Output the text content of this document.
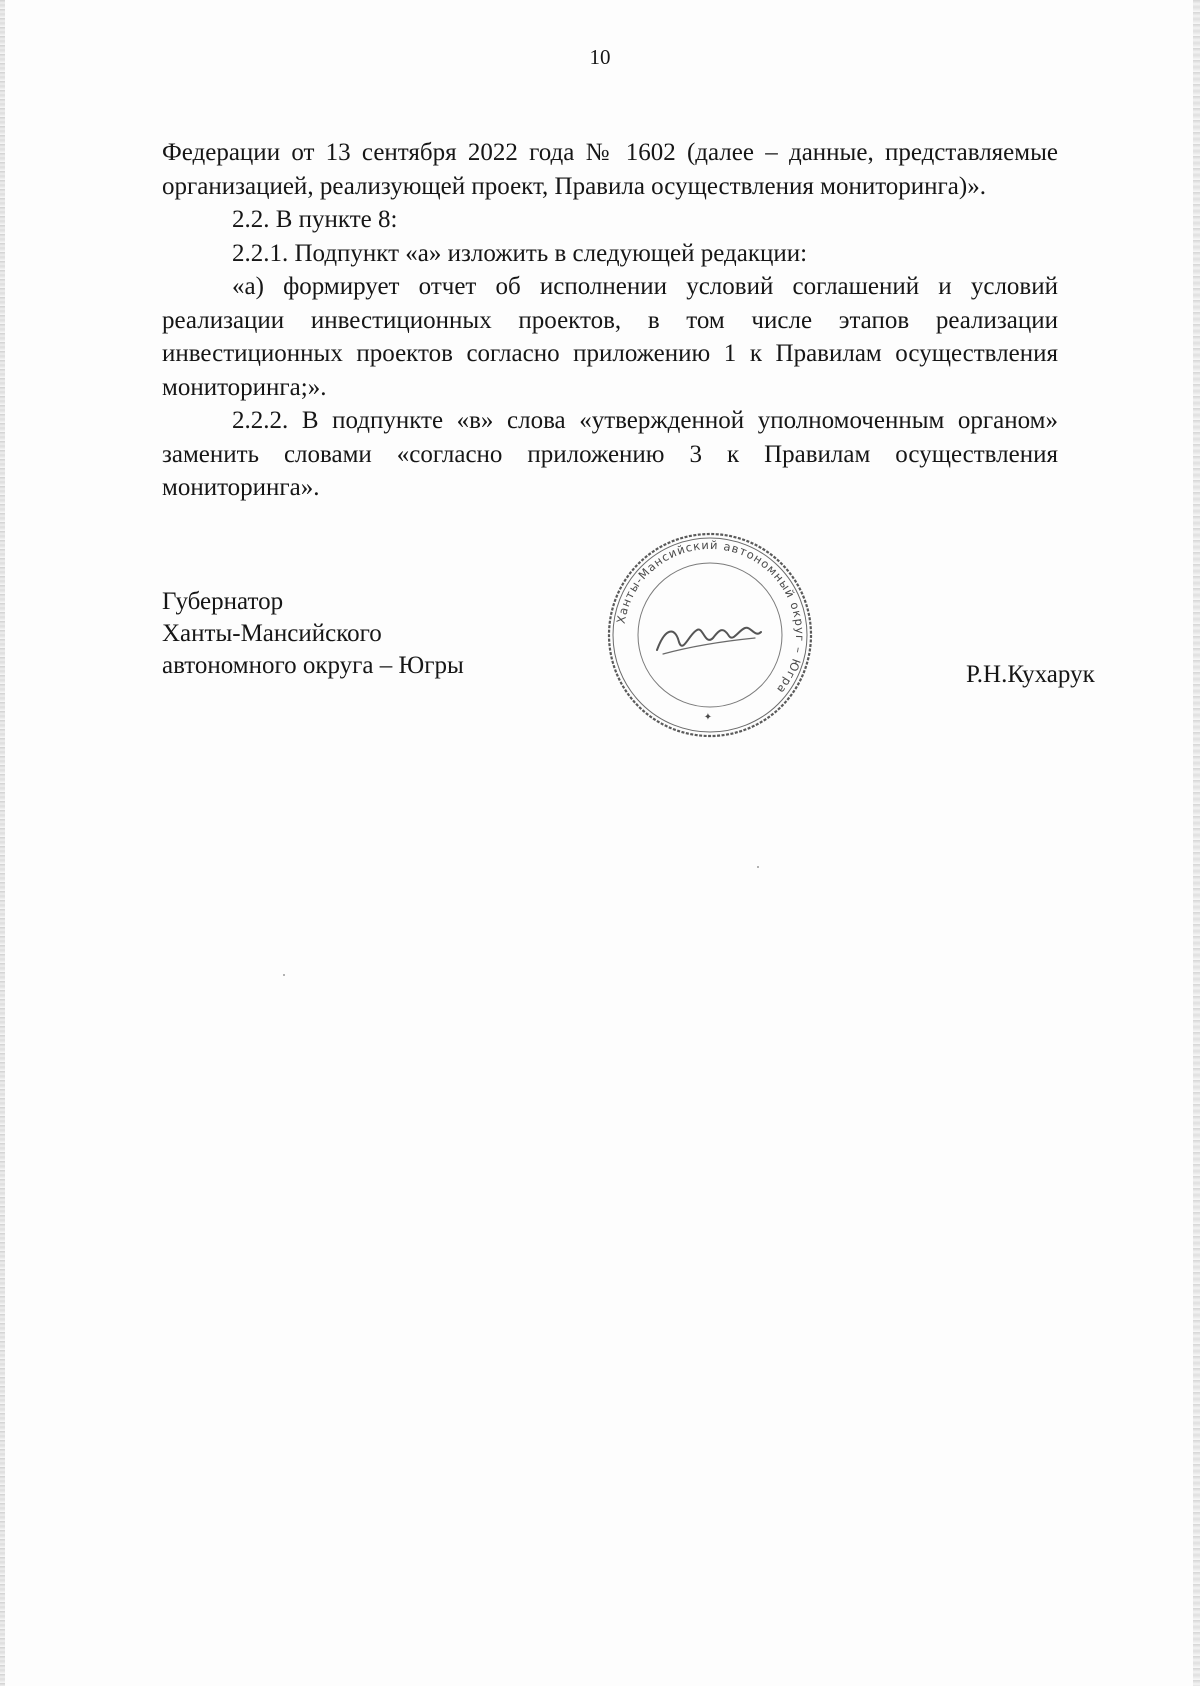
10

Федерации от 13 сентября 2022 года № 1602 (далее – данные, представляемые организацией, реализующей проект, Правила осуществления мониторинга)».

2.2. В пункте 8:

2.2.1. Подпункт «а» изложить в следующей редакции:

«а) формирует отчет об исполнении условий соглашений и условий реализации инвестиционных проектов, в том числе этапов реализации инвестиционных проектов согласно приложению 1 к Правилам осуществления мониторинга;».

2.2.2. В подпункте «в» слова «утвержденной уполномоченным органом» заменить словами «согласно приложению 3 к Правилам осуществления мониторинга».

Губернатор
Ханты-Мансийского
автономного округа – Югры
Ханты-Мансийский автономный округ – Югра
✦
Р.Н.Кухарук
